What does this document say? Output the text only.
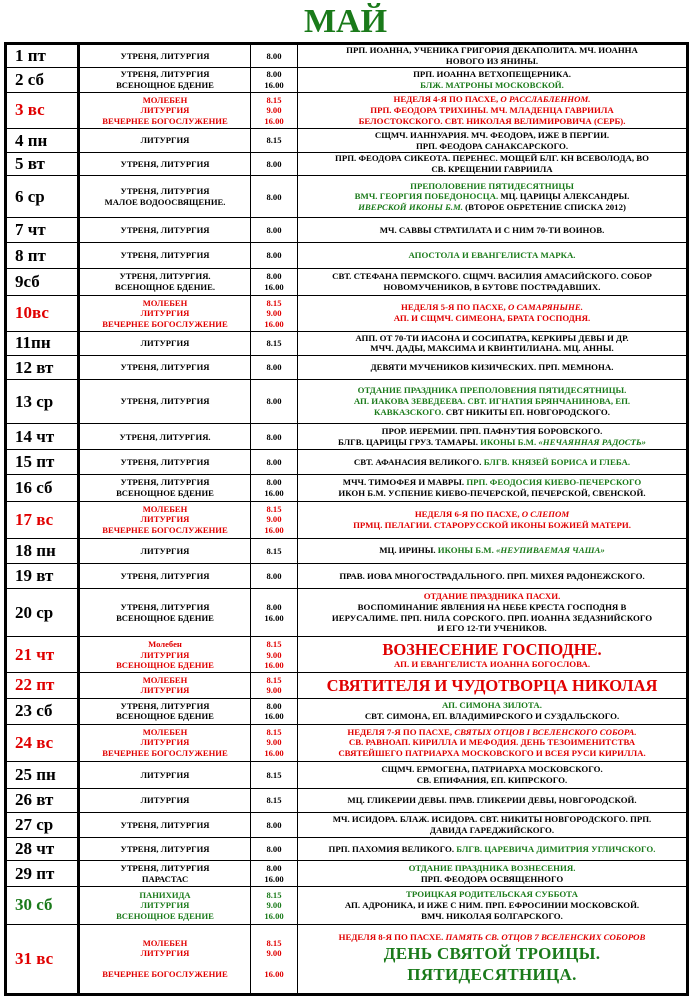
МАЙ
1 пт	УТРЕНЯ, ЛИТУРГИЯ	8.00	ПРП. ИОАННА, УЧЕНИКА ГРИГОРИЯ ДЕКАПОЛИТА. МЧ. ИОАННА
НОВОГО ИЗ ЯНИНЫ.

2 сб	УТРЕНЯ, ЛИТУРГИЯ
ВСЕНОЩНОЕ БДЕНИЕ	8.00
16.00	ПРП. ИОАННА ВЕТХОПЕЩЕРНИКА.
БЛЖ. МАТРОНЫ МОСКОВСКОЙ.

3 вс	МОЛЕБЕН
ЛИТУРГИЯ
ВЕЧЕРНЕЕ БОГОСЛУЖЕНИЕ	8.15
9.00
16.00	НЕДЕЛЯ 4-Я ПО ПАСХЕ, О РАССЛАБЛЕННОМ.
ПРП. ФЕОДОРА ТРИХИНЫ. МЧ. МЛАДЕНЦА ГАВРИИЛА
БЕЛОСТОКСКОГО. СВТ. НИКОЛАЯ ВЕЛИМИРОВИЧА (СЕРБ).

4 пн	ЛИТУРГИЯ	8.15	СЩМЧ. ИАННУАРИЯ. МЧ. ФЕОДОРА, ИЖЕ В ПЕРГИИ.
ПРП. ФЕОДОРА САНАКСАРСКОГО.

5 вт	УТРЕНЯ, ЛИТУРГИЯ	8.00	ПРП. ФЕОДОРА СИКЕОТА. ПЕРЕНЕС. МОЩЕЙ БЛГ. КН ВСЕВОЛОДА, ВО
СВ. КРЕЩЕНИИ ГАВРИИЛА

6 ср	УТРЕНЯ, ЛИТУРГИЯ
МАЛОЕ ВОДООСВЯЩЕНИЕ.	8.00	ПРЕПОЛОВЕНИЕ ПЯТИДЕСЯТНИЦЫ
ВМЧ. ГЕОРГИЯ ПОБЕДОНОСЦА. МЦ. ЦАРИЦЫ АЛЕКСАНДРЫ.
ИВЕРСКОЙ ИКОНЫ Б.М. (ВТОРОЕ ОБРЕТЕНИЕ СПИСКА 2012)

7 чт	УТРЕНЯ, ЛИТУРГИЯ	8.00	МЧ. САВВЫ СТРАТИЛАТА И С НИМ 70-ТИ ВОИНОВ.

8 пт	УТРЕНЯ, ЛИТУРГИЯ	8.00	АПОСТОЛА И ЕВАНГЕЛИСТА МАРКА.

9сб	УТРЕНЯ, ЛИТУРГИЯ.
ВСЕНОЩНОЕ БДЕНИЕ.	8.00
16.00	СВТ. СТЕФАНА ПЕРМСКОГО. СЩМЧ. ВАСИЛИЯ АМАСИЙСКОГО. СОБОР
НОВОМУЧЕНИКОВ, В БУТОВЕ ПОСТРАДАВШИХ.

10вс	МОЛЕБЕН
ЛИТУРГИЯ
ВЕЧЕРНЕЕ БОГОСЛУЖЕНИЕ	8.15
9.00
16.00	НЕДЕЛЯ 5-Я ПО ПАСХЕ, О САМАРЯНЫНЕ.
АП. И СЩМЧ. СИМЕОНА, БРАТА ГОСПОДНЯ.

11пн	ЛИТУРГИЯ	8.15	АПП. ОТ 70-ТИ ИАСОНА И СОСИПАТРА, КЕРКИРЫ ДЕВЫ И ДР.
МЧЧ. ДАДЫ, МАКСИМА И КВИНТИЛИАНА. МЦ. АННЫ.

12 вт	УТРЕНЯ, ЛИТУРГИЯ	8.00	ДЕВЯТИ МУЧЕНИКОВ КИЗИЧЕСКИХ. ПРП. МЕМНОНА.

13 ср	УТРЕНЯ, ЛИТУРГИЯ	8.00	ОТДАНИЕ ПРАЗДНИКА ПРЕПОЛОВЕНИЯ ПЯТИДЕСЯТНИЦЫ.
АП. ИАКОВА ЗЕВЕДЕЕВА. СВТ. ИГНАТИЯ БРЯНЧАНИНОВА, ЕП.
КАВКАЗСКОГО. СВТ НИКИТЫ ЕП. НОВГОРОДСКОГО.

14 чт	УТРЕНЯ, ЛИТУРГИЯ.	8.00	ПРОР. ИЕРЕМИИ. ПРП. ПАФНУТИЯ БОРОВСКОГО.
БЛГВ. ЦАРИЦЫ ГРУЗ. ТАМАРЫ. ИКОНЫ Б.М. «НЕЧАЯННАЯ РАДОСТЬ»

15 пт	УТРЕНЯ, ЛИТУРГИЯ	8.00	СВТ. АФАНАСИЯ ВЕЛИКОГО. БЛГВ. КНЯЗЕЙ БОРИСА И ГЛЕБА.

16 сб	УТРЕНЯ, ЛИТУРГИЯ
ВСЕНОЩНОЕ БДЕНИЕ	8.00
16.00	МЧЧ. ТИМОФЕЯ И МАВРЫ. ПРП. ФЕОДОСИЯ КИЕВО-ПЕЧЕРСКОГО
ИКОН Б.М. УСПЕНИЕ КИЕВО-ПЕЧЕРСКОЙ, ПЕЧЕРСКОЙ, СВЕНСКОЙ.

17 вс	МОЛЕБЕН
ЛИТУРГИЯ
ВЕЧЕРНЕЕ БОГОСЛУЖЕНИЕ	8.15
9.00
16.00	НЕДЕЛЯ 6-Я ПО ПАСХЕ, О СЛЕПОМ
ПРМЦ. ПЕЛАГИИ. СТАРОРУССКОЙ ИКОНЫ БОЖИЕЙ МАТЕРИ.

18 пн	ЛИТУРГИЯ	8.15	МЦ. ИРИНЫ. ИКОНЫ Б.М. «НЕУПИВАЕМАЯ ЧАША»

19 вт	УТРЕНЯ, ЛИТУРГИЯ	8.00	ПРАВ. ИОВА МНОГОСТРАДАЛЬНОГО. ПРП. МИХЕЯ РАДОНЕЖСКОГО.

20 ср	УТРЕНЯ, ЛИТУРГИЯ
ВСЕНОЩНОЕ БДЕНИЕ	8.00
16.00	ОТДАНИЕ ПРАЗДНИКА ПАСХИ.
ВОСПОМИНАНИЕ ЯВЛЕНИЯ НА НЕБЕ КРЕСТА ГОСПОДНЯ В
ИЕРУСАЛИМЕ. ПРП. НИЛА СОРСКОГО. ПРП. ИОАННА ЗЕДАЗНИЙСКОГО
И ЕГО 12-ТИ УЧЕНИКОВ.

21 чт	Молебен
ЛИТУРГИЯ
ВСЕНОЩНОЕ БДЕНИЕ	8.15
9.00
16.00	ВОЗНЕСЕНИЕ ГОСПОДНЕ.
АП. И ЕВАНГЕЛИСТА ИОАННА БОГОСЛОВА.

22 пт	МОЛЕБЕН
ЛИТУРГИЯ	8.15
9.00	СВЯТИТЕЛЯ И ЧУДОТВОРЦА НИКОЛАЯ

23 сб	УТРЕНЯ, ЛИТУРГИЯ
ВСЕНОЩНОЕ БДЕНИЕ	8.00
16.00	АП. СИМОНА ЗИЛОТА.
СВТ. СИМОНА, ЕП. ВЛАДИМИРСКОГО И СУЗДАЛЬСКОГО.

24 вс	МОЛЕБЕН
ЛИТУРГИЯ
ВЕЧЕРНЕЕ БОГОСЛУЖЕНИЕ	8.15
9.00
16.00	НЕДЕЛЯ 7-Я ПО ПАСХЕ, СВЯТЫХ ОТЦОВ I ВСЕЛЕНСКОГО СОБОРА.
СВ. РАВНОАП. КИРИЛЛА И МЕФОДИЯ. ДЕНЬ ТЕЗОИМЕНИТСТВА
СВЯТЕЙШЕГО ПАТРИАРХА МОСКОВСКОГО И ВСЕЯ РУСИ КИРИЛЛА.

25 пн	ЛИТУРГИЯ	8.15	СЩМЧ. ЕРМОГЕНА, ПАТРИАРХА МОСКОВСКОГО.
СВ. ЕПИФАНИЯ, ЕП. КИПРСКОГО.

26 вт	ЛИТУРГИЯ	8.15	МЦ. ГЛИКЕРИИ ДЕВЫ. ПРАВ. ГЛИКЕРИИ ДЕВЫ, НОВГОРОДСКОЙ.

27 ср	УТРЕНЯ, ЛИТУРГИЯ	8.00	МЧ. ИСИДОРА. БЛАЖ. ИСИДОРА. СВТ. НИКИТЫ НОВГОРОДСКОГО. ПРП.
ДАВИДА ГАРЕДЖИЙСКОГО.

28 чт	УТРЕНЯ, ЛИТУРГИЯ	8.00	ПРП. ПАХОМИЯ ВЕЛИКОГО. БЛГВ. ЦАРЕВИЧА ДИМИТРИЯ УГЛИЧСКОГО.

29 пт	УТРЕНЯ, ЛИТУРГИЯ
ПАРАСТАС	8.00
16.00	ОТДАНИЕ ПРАЗДНИКА ВОЗНЕСЕНИЯ.
ПРП. ФЕОДОРА ОСВЯЩЕННОГО

30 сб	ПАНИХИДА
ЛИТУРГИЯ
ВСЕНОЩНОЕ БДЕНИЕ	8.15
9.00
16.00	ТРОИЦКАЯ РОДИТЕЛЬСКАЯ СУББОТА
АП. АДРОНИКА, И ИЖЕ С НИМ. ПРП. ЕФРОСИНИИ МОСКОВСКОЙ.
ВМЧ. НИКОЛАЯ БОЛГАРСКОГО.

31 вс	МОЛЕБЕН
ЛИТУРГИЯ

ВЕЧЕРНЕЕ БОГОСЛУЖЕНИЕ	8.15
9.00

16.00	НЕДЕЛЯ 8-Я ПО ПАСХЕ. ПАМЯТЬ СВ. ОТЦОВ 7 ВСЕЛЕНСКИХ СОБОРОВ
ДЕНЬ СВЯТОЙ ТРОИЦЫ.
ПЯТИДЕСЯТНИЦА.
